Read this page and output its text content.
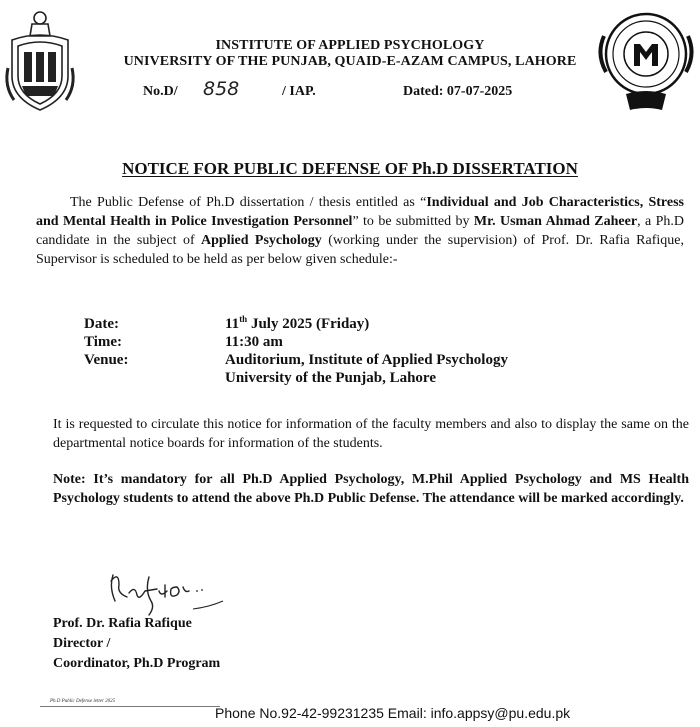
INSTITUTE OF APPLIED PSYCHOLOGY
UNIVERSITY OF THE PUNJAB, QUAID-E-AZAM CAMPUS, LAHORE
No.D/ 858	/ IAP.	Dated: 07-07-2025
NOTICE FOR PUBLIC DEFENSE OF Ph.D DISSERTATION
The Public Defense of Ph.D dissertation / thesis entitled as “Individual and Job Characteristics, Stress and Mental Health in Police Investigation Personnel” to be submitted by Mr. Usman Ahmad Zaheer, a Ph.D candidate in the subject of Applied Psychology (working under the supervision) of Prof. Dr. Rafia Rafique, Supervisor is scheduled to be held as per below given schedule:-
Date:	11th July 2025 (Friday)
Time:	11:30 am
Venue:	Auditorium, Institute of Applied Psychology
University of the Punjab, Lahore
It is requested to circulate this notice for information of the faculty members and also to display the same on the departmental notice boards for information of the students.
Note: It’s mandatory for all Ph.D Applied Psychology, M.Phil Applied Psychology and MS Health Psychology students to attend the above Ph.D Public Defense. The attendance will be marked accordingly.
Prof. Dr. Rafia Rafique
Director /
Coordinator, Ph.D Program
Ph.D Public Defense letter 2025
Phone No.92-42-99231235 Email: info.appsy@pu.edu.pk
